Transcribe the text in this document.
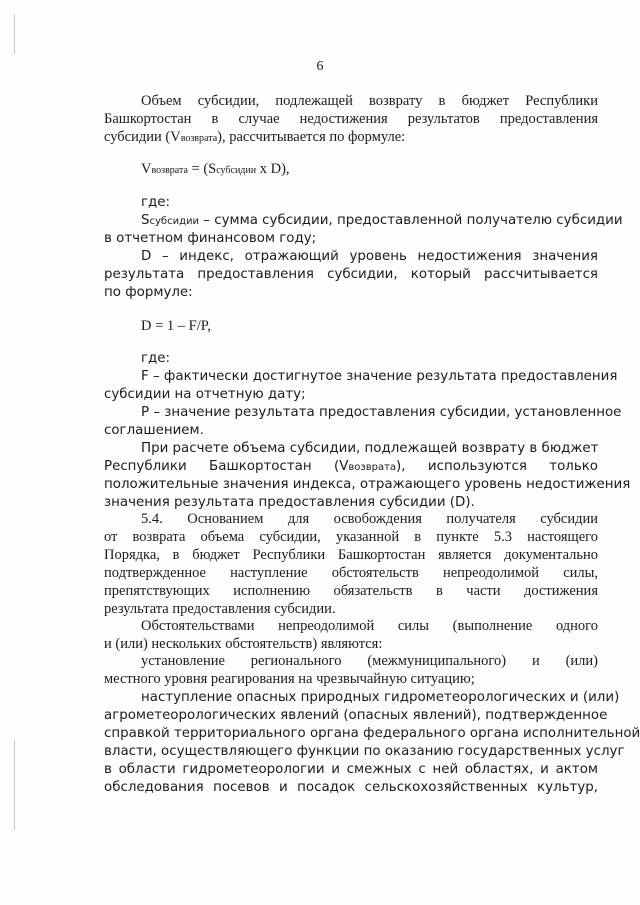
6
Объем субсидии, подлежащей возврату в бюджет Республики
Башкортостан в случае недостижения результатов предоставления
субсидии (Vвозврата), рассчитывается по формуле:
Vвозврата = (Sсубсидии х D),
где:
Sсубсидии – сумма субсидии, предоставленной получателю субсидии
в отчетном финансовом году;
D – индекс, отражающий уровень недостижения значения
результата предоставления субсидии, который рассчитывается
по формуле:
D = 1 – F/P,
где:
F – фактически достигнутое значение результата предоставления
субсидии на отчетную дату;
P – значение результата предоставления субсидии, установленное
соглашением.
При расчете объема субсидии, подлежащей возврату в бюджет
Республики Башкортостан (Vвозврата), используются только
положительные значения индекса, отражающего уровень недостижения
значения результата предоставления субсидии (D).
5.4. Основанием для освобождения получателя субсидии
от возврата объема субсидии, указанной в пункте 5.3 настоящего
Порядка, в бюджет Республики Башкортостан является документально
подтвержденное наступление обстоятельств непреодолимой силы,
препятствующих исполнению обязательств в части достижения
результата предоставления субсидии.
Обстоятельствами непреодолимой силы (выполнение одного
и (или) нескольких обстоятельств) являются:
установление регионального (межмуниципального) и (или)
местного уровня реагирования на чрезвычайную ситуацию;
наступление опасных природных гидрометеорологических и (или)
агрометеорологических явлений (опасных явлений), подтвержденное
справкой территориального органа федерального органа исполнительной
власти, осуществляющего функции по оказанию государственных услуг
в области гидрометеорологии и смежных с ней областях, и актом
обследования посевов и посадок сельскохозяйственных культур,
